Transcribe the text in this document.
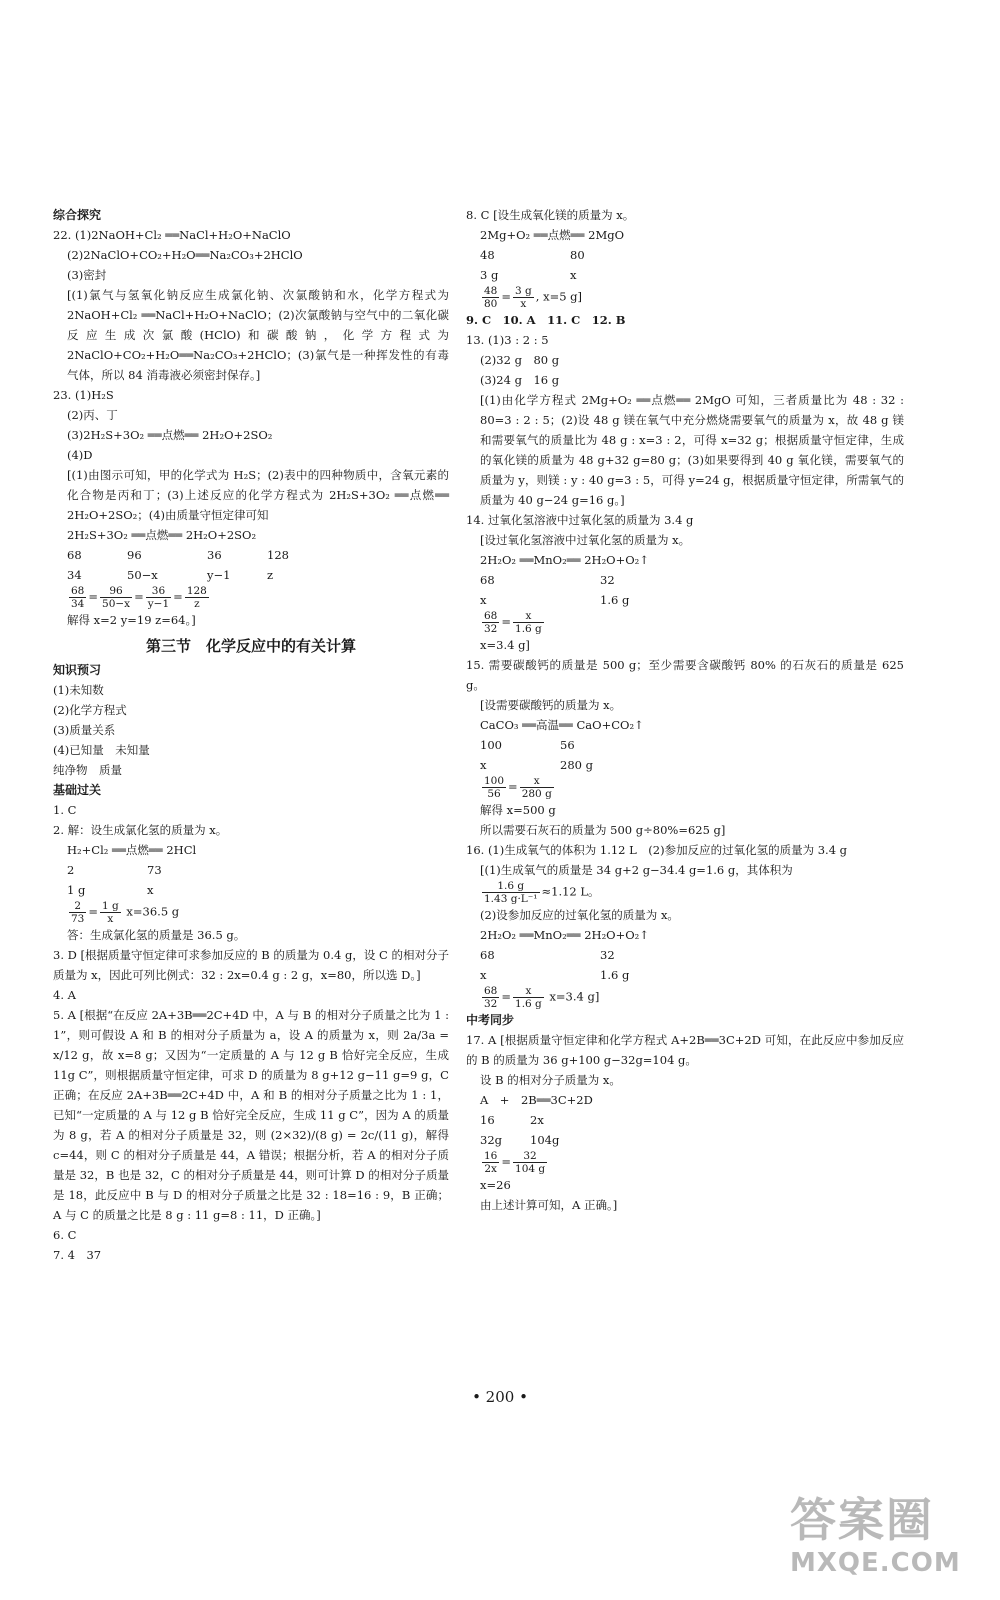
综合探究
22. (1)2NaOH+Cl₂ ══NaCl+H₂O+NaClO
(2)2NaClO+CO₂+H₂O══Na₂CO₃+2HClO
(3)密封
[(1)氯气与氢氧化钠反应生成氯化钠、次氯酸钠和水，化学方程式为 2NaOH+Cl₂ ══NaCl+H₂O+NaClO；(2)次氯酸钠与空气中的二氧化碳反应生成次氯酸(HClO)和碳酸钠，化学方程式为 2NaClO+CO₂+H₂O══Na₂CO₃+2HClO；(3)氯气是一种挥发性的有毒气体，所以 84 消毒液必须密封保存。]
23. (1)H₂S
(2)丙、丁
(3)2H₂S+3O₂ ══点燃══ 2H₂O+2SO₂
(4)D
[(1)由图示可知，甲的化学式为 H₂S；(2)表中的四种物质中，含氧元素的化合物是丙和丁；(3)上述反应的化学方程式为 2H₂S+3O₂ ══点燃══ 2H₂O+2SO₂；(4)由质量守恒定律可知
2H₂S+3O₂ ══点燃══ 2H₂O+2SO₂
68	96	36	128
34	50−x	y−1	z
$\frac{68}{34} = \frac{96}{50-x} = \frac{36}{y-1} = \frac{128}{z}$
解得 x=2 y=19 z=64。]
第三节　化学反应中的有关计算
知识预习
(1)未知数
(2)化学方程式
(3)质量关系
(4)已知量　未知量
纯净物　质量
基础过关
1. C
2. 解：设生成氯化氢的质量为 x。
H₂+Cl₂ ══点燃══ 2HCl
2	73
1 g	x
$\frac{2}{73} = \frac{1 g}{x} x=36.5$ g
答：生成氯化氢的质量是 36.5 g。
3. D [根据质量守恒定律可求参加反应的 B 的质量为 0.4 g，设 C 的相对分子质量为 x，因此可列比例式：32 : 2x=0.4 g : 2 g，x=80，所以选 D。]
4. A
5. A [根据“在反应 2A+3B══2C+4D 中，A 与 B 的相对分子质量之比为 1 : 1”，则可假设 A 和 B 的相对分子质量为 a，设 A 的质量为 x，则 2a/3a = x/12 g，故 x=8 g；又因为“一定质量的 A 与 12 g B 恰好完全反应，生成 11g C”，则根据质量守恒定律，可求 D 的质量为 8 g+12 g−11 g=9 g，C 正确；在反应 2A+3B══2C+4D 中，A 和 B 的相对分子质量之比为 1 : 1，已知“一定质量的 A 与 12 g B 恰好完全反应，生成 11 g C”，因为 A 的质量为 8 g，若 A 的相对分子质量是 32，则 (2×32)/(8 g) = 2c/(11 g)，解得 c=44，则 C 的相对分子质量是 44，A 错误；根据分析，若 A 的相对分子质量是 32，B 也是 32，C 的相对分子质量是 44，则可计算 D 的相对分子质量是 18，此反应中 B 与 D 的相对分子质量之比是 32 : 18=16 : 9，B 正确；A 与 C 的质量之比是 8 g : 11 g=8 : 11，D 正确。]
6. C
7. 4　37
8. C [设生成氧化镁的质量为 x。
2Mg+O₂ ══点燃══ 2MgO
48	80
3 g	x
$\frac{48}{80} = \frac{3 g}{x}$ , x=5 g]
9. C　10. A　11. C　12. B
13. (1)3 : 2 : 5
(2)32 g　80 g
(3)24 g　16 g
[(1)由化学方程式 2Mg+O₂ ══点燃══ 2MgO 可知，三者质量比为 48 : 32 : 80=3 : 2 : 5；(2)设 48 g 镁在氧气中充分燃烧需要氧气的质量为 x，故 48 g 镁和需要氧气的质量比为 48 g : x=3 : 2，可得 x=32 g；根据质量守恒定律，生成的氧化镁的质量为 48 g+32 g=80 g；(3)如果要得到 40 g 氧化镁，需要氧气的质量为 y，则镁 : y : 40 g=3 : 5，可得 y=24 g，根据质量守恒定律，所需氧气的质量为 40 g−24 g=16 g。]
14. 过氧化氢溶液中过氧化氢的质量为 3.4 g
[设过氧化氢溶液中过氧化氢的质量为 x。
2H₂O₂ ══MnO₂══ 2H₂O+O₂↑
68	32
x	1.6 g
$\frac{68}{32} = \frac{x}{1.6 g}$
x=3.4 g]
15. 需要碳酸钙的质量是 500 g；至少需要含碳酸钙 80% 的石灰石的质量是 625 g。
[设需要碳酸钙的质量为 x。
CaCO₃ ══高温══ CaO+CO₂↑
100	56
x	280 g
$\frac{100}{56} = \frac{x}{280 g}$
解得 x=500 g
所以需要石灰石的质量为 500 g÷80%=625 g]
16. (1)生成氧气的体积为 1.12 L　(2)参加反应的过氧化氢的质量为 3.4 g
[(1)生成氧气的质量是 34 g+2 g−34.4 g=1.6 g，其体积为
$\frac{1.6 g}{\text{1.43 g·L⁻¹}} \approx 1.12$ L。
(2)设参加反应的过氧化氢的质量为 x。
2H₂O₂ ══MnO₂══ 2H₂O+O₂↑
68	32
x	1.6 g
$\frac{68}{32} = \frac{x}{1.6 g} x=3.4$ g]
中考同步
17. A [根据质量守恒定律和化学方程式 A+2B══3C+2D 可知，在此反应中参加反应的 B 的质量为 36 g+100 g−32g=104 g。
设 B 的相对分子质量为 x。
A　+　2B══3C+2D
16	2x
32g 104g
$\frac{16}{2x} = \frac{32}{104 g}$
x=26
由上述计算可知，A 正确。]
• 200 •
答案圈
MXQE.COM
